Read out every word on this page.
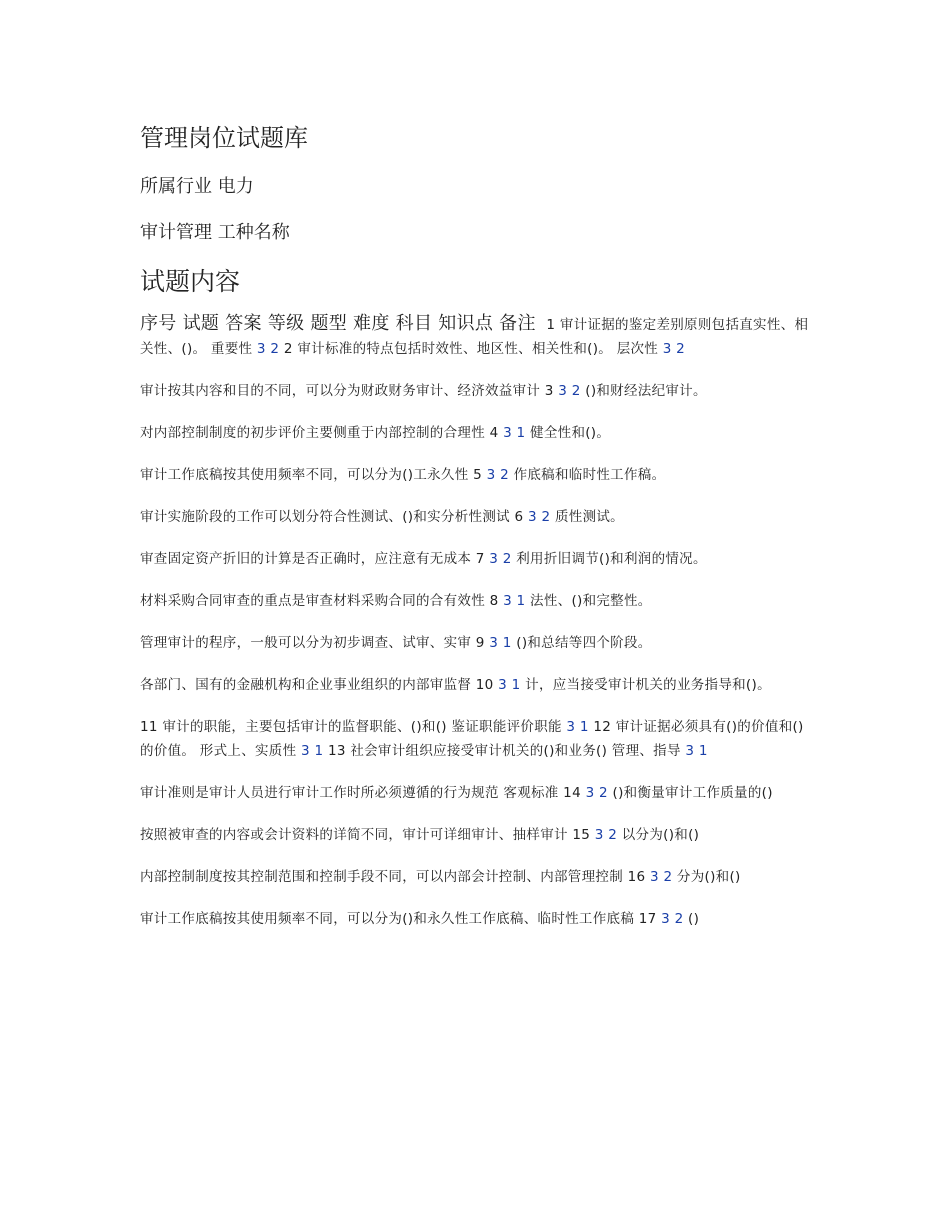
管理岗位试题库
所属行业 电力
审计管理 工种名称
试题内容

序号 试题 答案 等级 题型 难度 科目 知识点 备注 1 审计证据的鉴定差别原则包括直实性、相关性、()。 重要性 3 2 2 审计标准的特点包括时效性、地区性、相关性和()。 层次性 3 2

审计按其内容和目的不同，可以分为财政财务审计、经济效益审计 3 3 2 ()和财经法纪审计。

对内部控制制度的初步评价主要侧重于内部控制的合理性 4 3 1 健全性和()。

审计工作底稿按其使用频率不同，可以分为()工永久性 5 3 2 作底稿和临时性工作稿。

审计实施阶段的工作可以划分符合性测试、()和实分析性测试 6 3 2 质性测试。

审查固定资产折旧的计算是否正确时，应注意有无成本 7 3 2 利用折旧调节()和利润的情况。

材料采购合同审查的重点是审查材料采购合同的合有效性 8 3 1 法性、()和完整性。

管理审计的程序，一般可以分为初步调查、试审、实审 9 3 1 ()和总结等四个阶段。

各部门、国有的金融机构和企业事业组织的内部审监督 10 3 1 计，应当接受审计机关的业务指导和()。

11 审计的职能，主要包括审计的监督职能、()和() 鉴证职能评价职能 3 1 12 审计证据必须具有()的价值和()的价值。 形式上、实质性 3 1 13 社会审计组织应接受审计机关的()和业务() 管理、指导 3 1

审计准则是审计人员进行审计工作时所必须遵循的行为规范 客观标准 14 3 2 ()和衡量审计工作质量的()

按照被审查的内容或会计资料的详简不同，审计可详细审计、抽样审计 15 3 2 以分为()和()

内部控制制度按其控制范围和控制手段不同，可以内部会计控制、内部管理控制 16 3 2 分为()和()

审计工作底稿按其使用频率不同，可以分为()和永久性工作底稿、临时性工作底稿 17 3 2 ()
